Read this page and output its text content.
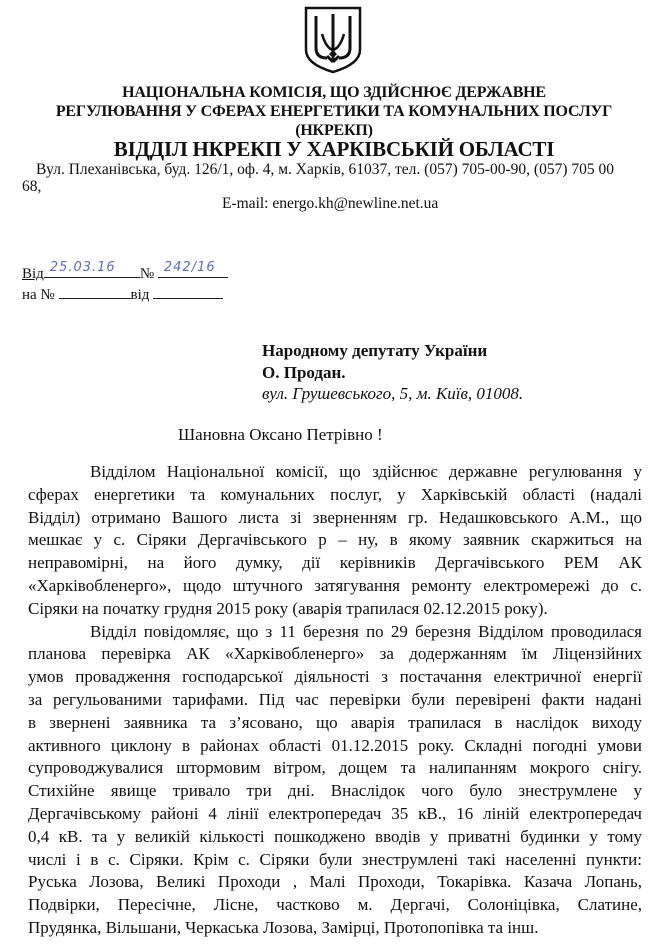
НАЦІОНАЛЬНА КОМІСІЯ, ЩО ЗДІЙСНЮЄ ДЕРЖАВНЕ
РЕГУЛЮВАННЯ У СФЕРАХ ЕНЕРГЕТИКИ ТА КОМУНАЛЬНИХ ПОСЛУГ
(НКРЕКП)
ВІДДІЛ НКРЕКП У ХАРКІВСЬКІЙ ОБЛАСТІ
Вул. Плеханівська, буд. 126/1, оф. 4, м. Харків, 61037, тел. (057) 705-00-90, (057) 705 00
68,
E-mail: energo.kh@newline.net.ua
Від 25.03.16 № 242/16
на №	від
Народному депутату України
О. Продан.
вул. Грушевського, 5, м. Київ, 01008.
Шановна Оксано Петрівно !
Відділом Національної комісії, що здійснює державне регулювання у
сферах енергетики та комунальних послуг, у Харківській області (надалі
Відділ) отримано Вашого листа зі зверненням гр. Недашковського А.М., що
мешкає у с. Сіряки Дергачівського р – ну, в якому заявник скаржиться на
неправомірні, на його думку, дії керівників Дергачівського РЕМ АК
«Харківобленерго», щодо штучного затягування ремонту електромережі до с.
Сіряки на початку грудня 2015 року (аварія трапилася 02.12.2015 року).
Відділ повідомляє, що з 11 березня по 29 березня Відділом проводилася
планова перевірка АК «Харківобленерго» за додержанням їм Ліцензійних
умов провадження господарської діяльності з постачання електричної енергії
за регульованими тарифами. Під час перевірки були перевірені факти надані
в звернені заявника та з’ясовано, що аварія трапилася в наслідок виходу
активного циклону в районах області 01.12.2015 року. Складні погодні умови
супроводжувалися штормовим вітром, дощем та налипанням мокрого снігу.
Стихійне явище тривало три дні. Внаслідок чого було знеструмлене у
Дергачівському районі 4 лінії електропередач 35 кВ., 16 ліній електропередач
0,4 кВ. та у великій кількості пошкоджено вводів у приватні будинки у тому
числі і в с. Сіряки. Крім с. Сіряки були знеструмлені такі населенні пункти:
Руська Лозова, Великі Проходи , Малі Проходи, Токарівка. Казача Лопань,
Подвірки, Пересічне, Лісне, частково м. Дергачі, Солоніцівка, Слатине,
Прудянка, Вільшани, Черкаська Лозова, Замірці, Протопопівка та інш.
